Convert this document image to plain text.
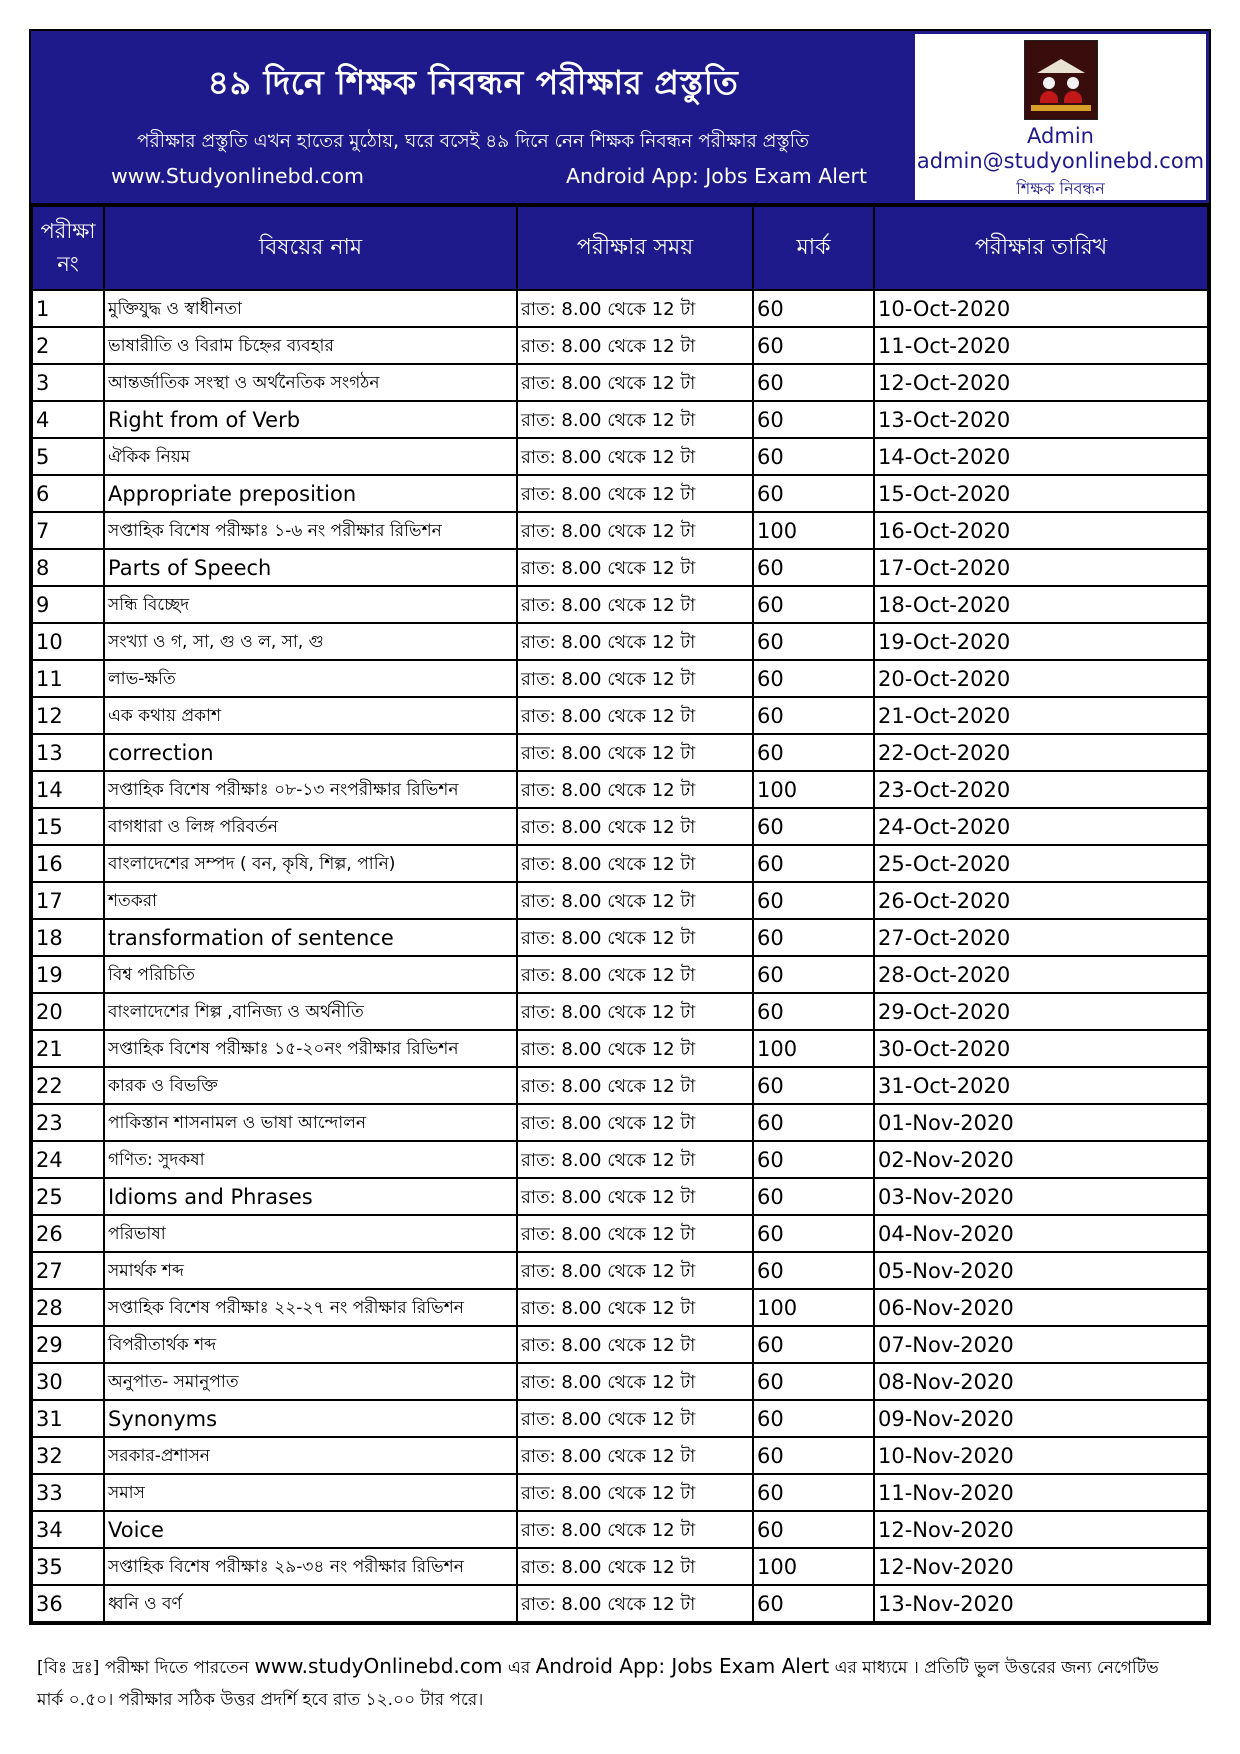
৪৯ দিনে শিক্ষক নিবন্ধন পরীক্ষার প্রস্তুতি
পরীক্ষার প্রস্তুতি এখন হাতের মুঠোয়, ঘরে বসেই ৪৯ দিনে নেন শিক্ষক নিবন্ধন পরীক্ষার প্রস্তুতি
www.Studyonlinebd.com	Android App: Jobs Exam Alert
Admin
admin@studyonlinebd.com
শিক্ষক নিবন্ধন
পরীক্ষা নং	বিষয়ের নাম	পরীক্ষার সময়	মার্ক	পরীক্ষার তারিখ
1	মুক্তিযুদ্ধ ও স্বাধীনতা	রাত: 8.00 থেকে 12 টা	60	10-Oct-2020
2	ভাষারীতি ও বিরাম চিহ্নের ব্যবহার	রাত: 8.00 থেকে 12 টা	60	11-Oct-2020
3	আন্তর্জাতিক সংস্থা ও অর্থনৈতিক সংগঠন	রাত: 8.00 থেকে 12 টা	60	12-Oct-2020
4	Right from of Verb	রাত: 8.00 থেকে 12 টা	60	13-Oct-2020
5	ঐকিক নিয়ম	রাত: 8.00 থেকে 12 টা	60	14-Oct-2020
6	Appropriate preposition	রাত: 8.00 থেকে 12 টা	60	15-Oct-2020
7	সপ্তাহিক বিশেষ পরীক্ষাঃ ১-৬ নং পরীক্ষার রিভিশন	রাত: 8.00 থেকে 12 টা	100	16-Oct-2020
8	Parts of Speech	রাত: 8.00 থেকে 12 টা	60	17-Oct-2020
9	সন্ধি বিচ্ছেদ	রাত: 8.00 থেকে 12 টা	60	18-Oct-2020
10	সংখ্যা ও গ, সা, গু ও ল, সা, গু	রাত: 8.00 থেকে 12 টা	60	19-Oct-2020
11	লাভ-ক্ষতি	রাত: 8.00 থেকে 12 টা	60	20-Oct-2020
12	এক কথায় প্রকাশ	রাত: 8.00 থেকে 12 টা	60	21-Oct-2020
13	correction	রাত: 8.00 থেকে 12 টা	60	22-Oct-2020
14	সপ্তাহিক বিশেষ পরীক্ষাঃ ০৮-১৩ নংপরীক্ষার রিভিশন	রাত: 8.00 থেকে 12 টা	100	23-Oct-2020
15	বাগধারা ও লিঙ্গ পরিবর্তন	রাত: 8.00 থেকে 12 টা	60	24-Oct-2020
16	বাংলাদেশের সম্পদ ( বন, কৃষি, শিল্প, পানি)	রাত: 8.00 থেকে 12 টা	60	25-Oct-2020
17	শতকরা	রাত: 8.00 থেকে 12 টা	60	26-Oct-2020
18	transformation of sentence	রাত: 8.00 থেকে 12 টা	60	27-Oct-2020
19	বিশ্ব পরিচিতি	রাত: 8.00 থেকে 12 টা	60	28-Oct-2020
20	বাংলাদেশের শিল্প ,বানিজ্য ও অর্থনীতি	রাত: 8.00 থেকে 12 টা	60	29-Oct-2020
21	সপ্তাহিক বিশেষ পরীক্ষাঃ ১৫-২০নং পরীক্ষার রিভিশন	রাত: 8.00 থেকে 12 টা	100	30-Oct-2020
22	কারক ও বিভক্তি	রাত: 8.00 থেকে 12 টা	60	31-Oct-2020
23	পাকিস্তান শাসনামল ও ভাষা আন্দোলন	রাত: 8.00 থেকে 12 টা	60	01-Nov-2020
24	গণিত: সুদকষা	রাত: 8.00 থেকে 12 টা	60	02-Nov-2020
25	Idioms and Phrases	রাত: 8.00 থেকে 12 টা	60	03-Nov-2020
26	পরিভাষা	রাত: 8.00 থেকে 12 টা	60	04-Nov-2020
27	সমার্থক শব্দ	রাত: 8.00 থেকে 12 টা	60	05-Nov-2020
28	সপ্তাহিক বিশেষ পরীক্ষাঃ ২২-২৭ নং পরীক্ষার রিভিশন	রাত: 8.00 থেকে 12 টা	100	06-Nov-2020
29	বিপরীতার্থক শব্দ	রাত: 8.00 থেকে 12 টা	60	07-Nov-2020
30	অনুপাত- সমানুপাত	রাত: 8.00 থেকে 12 টা	60	08-Nov-2020
31	Synonyms	রাত: 8.00 থেকে 12 টা	60	09-Nov-2020
32	সরকার-প্রশাসন	রাত: 8.00 থেকে 12 টা	60	10-Nov-2020
33	সমাস	রাত: 8.00 থেকে 12 টা	60	11-Nov-2020
34	Voice	রাত: 8.00 থেকে 12 টা	60	12-Nov-2020
35	সপ্তাহিক বিশেষ পরীক্ষাঃ ২৯-৩৪ নং পরীক্ষার রিভিশন	রাত: 8.00 থেকে 12 টা	100	12-Nov-2020
36	ধ্বনি ও বর্ণ	রাত: 8.00 থেকে 12 টা	60	13-Nov-2020
[বিঃ দ্রঃ] পরীক্ষা দিতে পারতেন www.studyOnlinebd.com এর Android App: Jobs Exam Alert এর মাধ্যমে । প্রতিটি ভুল উত্তরের জন্য নেগেটিভ
মার্ক ০.৫০। পরীক্ষার সঠিক উত্তর প্রদর্শি হবে রাত ১২.০০ টার পরে।
